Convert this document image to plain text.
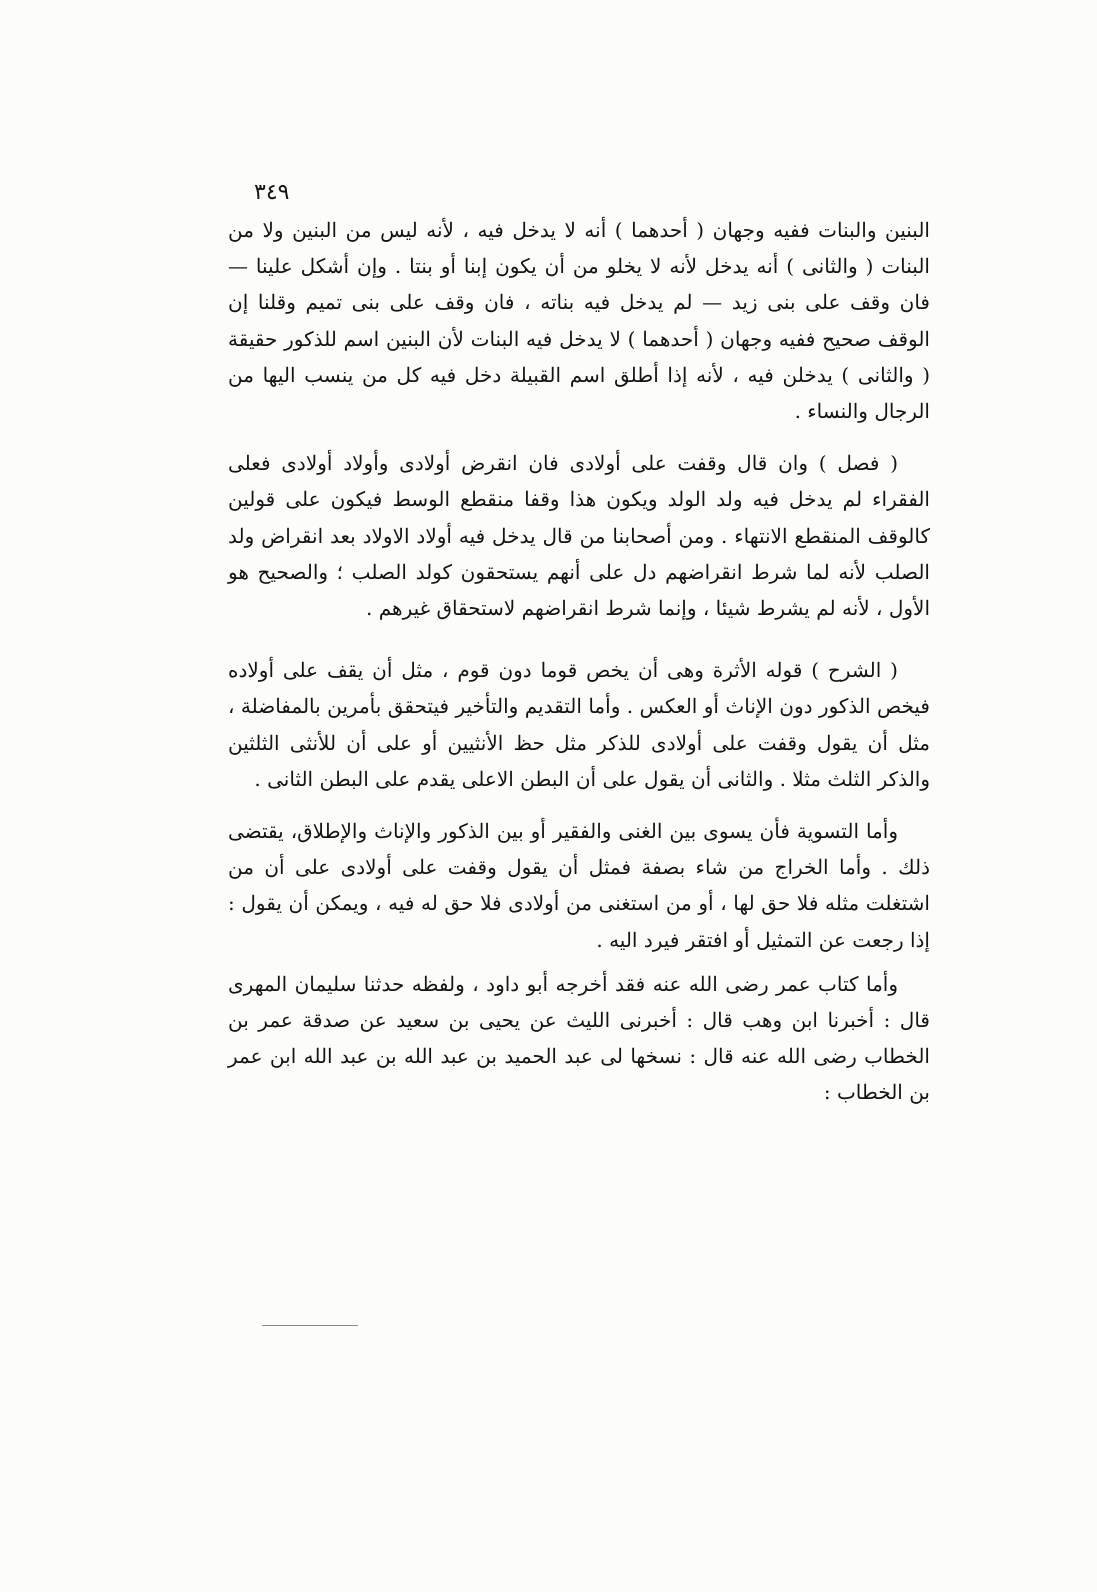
٣٤٩

البنين والبنات ففيه وجهان ( أحدهما ) أنه لا يدخل فيه ، لأنه ليس من البنين ولا من البنات ( والثانى ) أنه يدخل لأنه لا يخلو من أن يكون إبنا أو بنتا . وإن أشكل علينا — فان وقف على بنى زيد — لم يدخل فيه بناته ، فان وقف على بنى تميم وقلنا إن الوقف صحيح ففيه وجهان ( أحدهما ) لا يدخل فيه البنات لأن البنين اسم للذكور حقيقة ( والثانى ) يدخلن فيه ، لأنه إذا أطلق اسم القبيلة دخل فيه كل من ينسب اليها من الرجال والنساء .

( فصل ) وان قال وقفت على أولادى فان انقرض أولادى وأولاد أولادى فعلى الفقراء لم يدخل فيه ولد الولد ويكون هذا وقفا منقطع الوسط فيكون على قولين كالوقف المنقطع الانتهاء . ومن أصحابنا من قال يدخل فيه أولاد الاولاد بعد انقراض ولد الصلب لأنه لما شرط انقراضهم دل على أنهم يستحقون كولد الصلب ؛ والصحيح هو الأول ، لأنه لم يشرط شيئا ، وإنما شرط انقراضهم لاستحقاق غيرهم .

( الشرح ) قوله الأثرة وهى أن يخص قوما دون قوم ، مثل أن يقف على أولاده فيخص الذكور دون الإناث أو العكس . وأما التقديم والتأخير فيتحقق بأمرين بالمفاضلة ، مثل أن يقول وقفت على أولادى للذكر مثل حظ الأنثيين أو على أن للأنثى الثلثين والذكر الثلث مثلا . والثانى أن يقول على أن البطن الاعلى يقدم على البطن الثانى .

وأما التسوية فأن يسوى بين الغنى والفقير أو بين الذكور والإناث والإطلاق، يقتضى ذلك . وأما الخراج من شاء بصفة فمثل أن يقول وقفت على أولادى على أن من اشتغلت مثله فلا حق لها ، أو من استغنى من أولادى فلا حق له فيه ، ويمكن أن يقول : إذا رجعت عن التمثيل أو افتقر فيرد اليه .

وأما كتاب عمر رضى الله عنه فقد أخرجه أبو داود ، ولفظه حدثنا سليمان المهرى قال : أخبرنا ابن وهب قال : أخبرنى الليث عن يحيى بن سعيد عن صدقة عمر بن الخطاب رضى الله عنه قال : نسخها لى عبد الحميد بن عبد الله بن عبد الله ابن عمر بن الخطاب :
